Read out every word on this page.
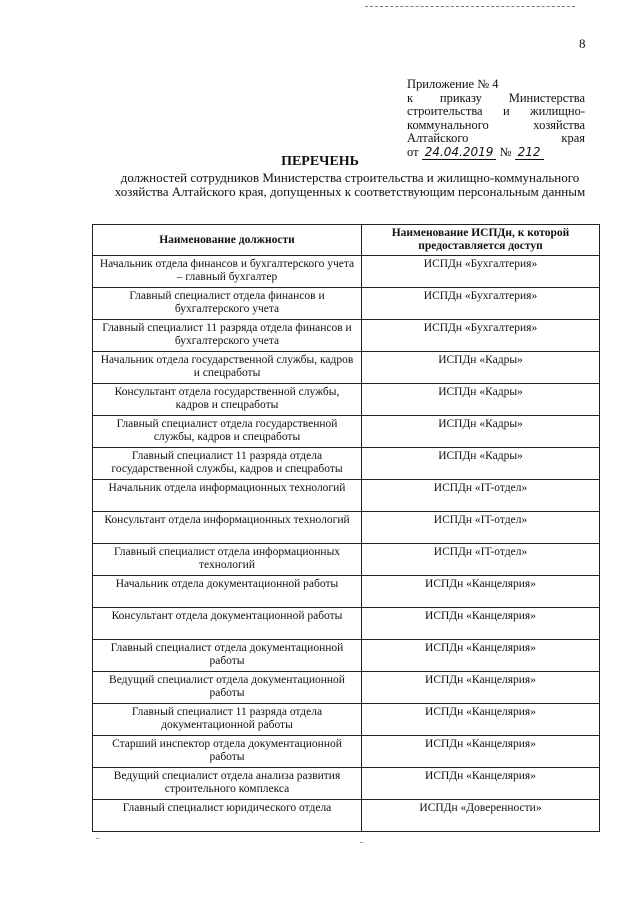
8
Приложение № 4
к приказу Министерства
строительства и жилищно-
коммунального хозяйства
Алтайского края
от 24.04.2019 № 212
ПЕРЕЧЕНЬ
должностей сотрудников Министерства строительства и жилищно-коммунального хозяйства Алтайского края, допущенных к соответствующим персональным данным
Наименование должности	Наименование ИСПДн, к которой предоставляется доступ
Начальник отдела финансов и бухгалтерского учета – главный бухгалтер	ИСПДн «Бухгалтерия»
Главный специалист отдела финансов и бухгалтерского учета	ИСПДн «Бухгалтерия»
Главный специалист 11 разряда отдела финансов и бухгалтерского учета	ИСПДн «Бухгалтерия»
Начальник отдела государственной службы, кадров и спецработы	ИСПДн «Кадры»
Консультант отдела государственной службы, кадров и спецработы	ИСПДн «Кадры»
Главный специалист отдела государственной службы, кадров и спецработы	ИСПДн «Кадры»
Главный специалист 11 разряда отдела государственной службы, кадров и спецработы	ИСПДн «Кадры»
Начальник отдела информационных технологий	ИСПДн «IT-отдел»
Консультант отдела информационных технологий	ИСПДн «IT-отдел»
Главный специалист отдела информационных технологий	ИСПДн «IT-отдел»
Начальник отдела документационной работы	ИСПДн «Канцелярия»
Консультант отдела документационной работы	ИСПДн «Канцелярия»
Главный специалист отдела документационной работы	ИСПДн «Канцелярия»
Ведущий специалист отдела документационной работы	ИСПДн «Канцелярия»
Главный специалист 11 разряда отдела документационной работы	ИСПДн «Канцелярия»
Старший инспектор отдела документационной работы	ИСПДн «Канцелярия»
Ведущий специалист отдела анализа развития строительного комплекса	ИСПДн «Канцелярия»
Главный специалист юридического отдела	ИСПДн «Доверенности»
